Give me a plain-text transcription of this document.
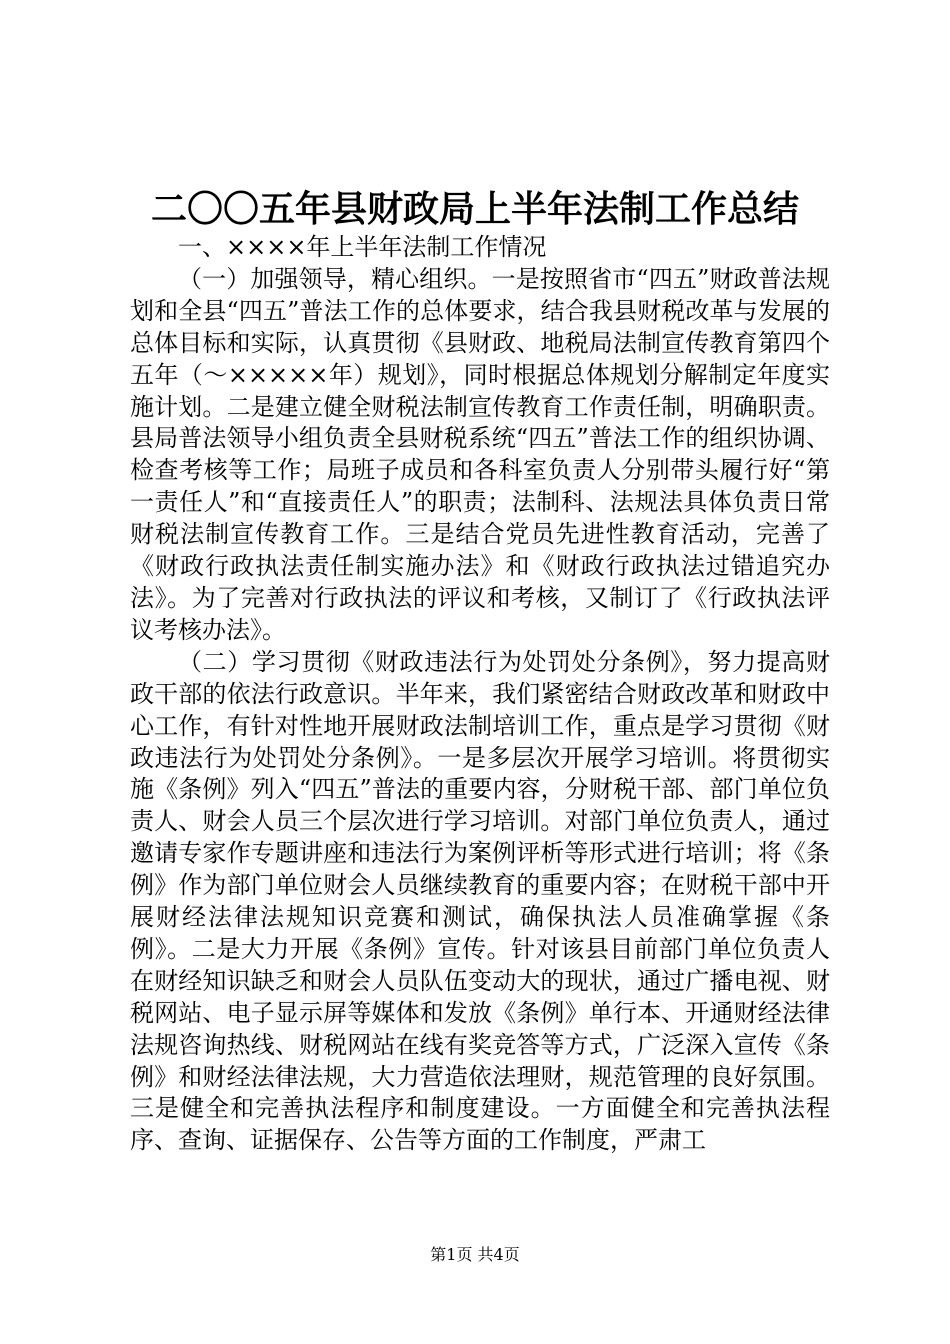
二〇〇五年县财政局上半年法制工作总结

一、××××年上半年法制工作情况

（一）加强领导，精心组织。一是按照省市“四五”财政普法规划和全县“四五”普法工作的总体要求，结合我县财税改革与发展的总体目标和实际，认真贯彻《县财政、地税局法制宣传教育第四个五年（～×××××年）规划》，同时根据总体规划分解制定年度实施计划。二是建立健全财税法制宣传教育工作责任制，明确职责。县局普法领导小组负责全县财税系统“四五”普法工作的组织协调、检查考核等工作；局班子成员和各科室负责人分别带头履行好“第一责任人”和“直接责任人”的职责；法制科、法规法具体负责日常财税法制宣传教育工作。三是结合党员先进性教育活动，完善了《财政行政执法责任制实施办法》和《财政行政执法过错追究办法》。为了完善对行政执法的评议和考核，又制订了《行政执法评议考核办法》。

（二）学习贯彻《财政违法行为处罚处分条例》，努力提高财政干部的依法行政意识。半年来，我们紧密结合财政改革和财政中心工作，有针对性地开展财政法制培训工作，重点是学习贯彻《财政违法行为处罚处分条例》。一是多层次开展学习培训。将贯彻实施《条例》列入“四五”普法的重要内容，分财税干部、部门单位负责人、财会人员三个层次进行学习培训。对部门单位负责人，通过邀请专家作专题讲座和违法行为案例评析等形式进行培训；将《条例》作为部门单位财会人员继续教育的重要内容；在财税干部中开展财经法律法规知识竞赛和测试，确保执法人员准确掌握《条例》。二是大力开展《条例》宣传。针对该县目前部门单位负责人在财经知识缺乏和财会人员队伍变动大的现状，通过广播电视、财税网站、电子显示屏等媒体和发放《条例》单行本、开通财经法律法规咨询热线、财税网站在线有奖竞答等方式，广泛深入宣传《条例》和财经法律法规，大力营造依法理财，规范管理的良好氛围。三是健全和完善执法程序和制度建设。一方面健全和完善执法程序、查询、证据保存、公告等方面的工作制度，严肃工

第1页 共4页
